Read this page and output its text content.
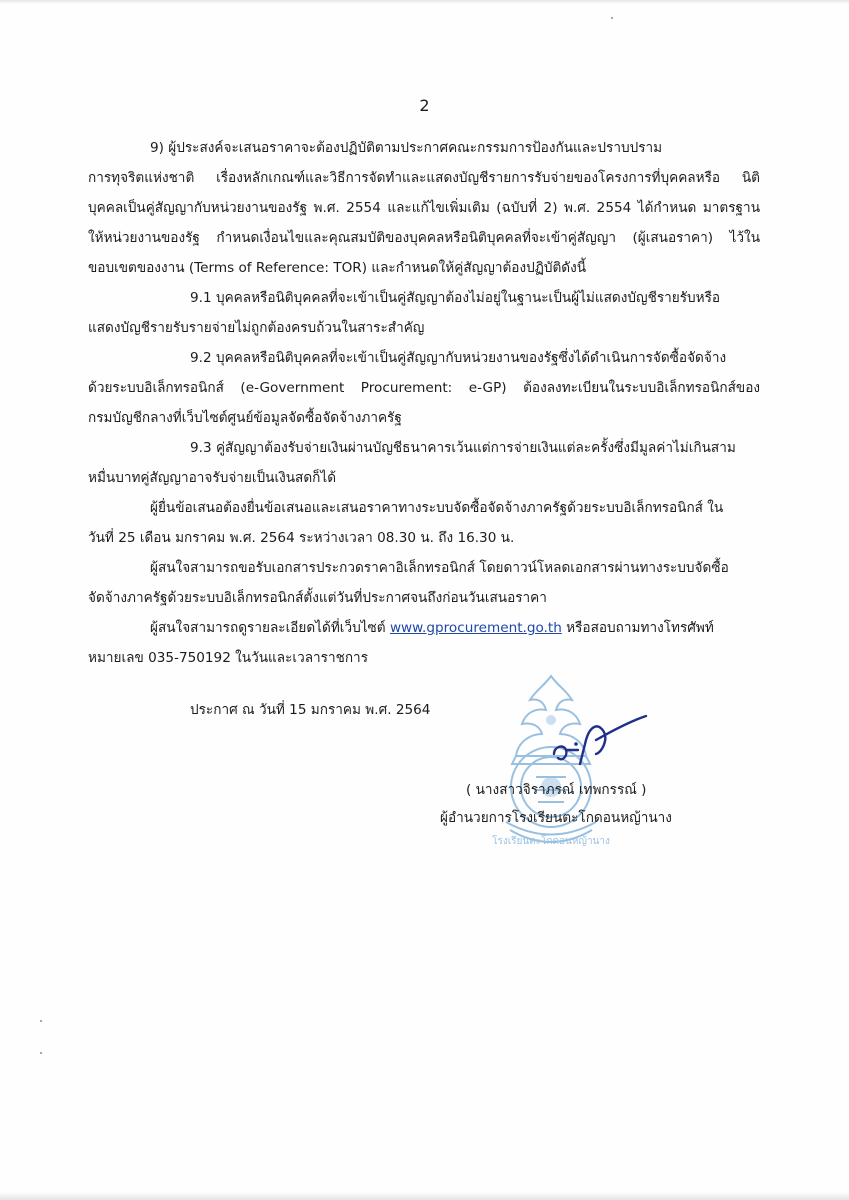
2
9) ผู้ประสงค์จะเสนอราคาจะต้องปฏิบัติตามประกาศคณะกรรมการป้องกันและปราบปราม
การทุจริตแห่งชาติ เรื่องหลักเกณฑ์และวิธีการจัดทำและแสดงบัญชีรายการรับจ่ายของโครงการที่บุคคลหรือ นิติ
บุคคลเป็นคู่สัญญากับหน่วยงานของรัฐ พ.ศ. 2554 และแก้ไขเพิ่มเติม (ฉบับที่ 2) พ.ศ. 2554 ได้กำหนด มาตรฐาน
ให้หน่วยงานของรัฐ กำหนดเงื่อนไขและคุณสมบัติของบุคคลหรือนิติบุคคลที่จะเข้าคู่สัญญา (ผู้เสนอราคา) ไว้ใน
ขอบเขตของงาน (Terms of Reference: TOR) และกำหนดให้คู่สัญญาต้องปฏิบัติดังนี้
9.1 บุคคลหรือนิติบุคคลที่จะเข้าเป็นคู่สัญญาต้องไม่อยู่ในฐานะเป็นผู้ไม่แสดงบัญชีรายรับหรือ
แสดงบัญชีรายรับรายจ่ายไม่ถูกต้องครบถ้วนในสาระสำคัญ
9.2 บุคคลหรือนิติบุคคลที่จะเข้าเป็นคู่สัญญากับหน่วยงานของรัฐซึ่งได้ดำเนินการจัดซื้อจัดจ้าง
ด้วยระบบอิเล็กทรอนิกส์ (e-Government Procurement: e-GP) ต้องลงทะเบียนในระบบอิเล็กทรอนิกส์ของ
กรมบัญชีกลางที่เว็บไซต์ศูนย์ข้อมูลจัดซื้อจัดจ้างภาครัฐ
9.3 คู่สัญญาต้องรับจ่ายเงินผ่านบัญชีธนาคารเว้นแต่การจ่ายเงินแต่ละครั้งซึ่งมีมูลค่าไม่เกินสาม
หมื่นบาทคู่สัญญาอาจรับจ่ายเป็นเงินสดก็ได้
ผู้ยื่นข้อเสนอต้องยื่นข้อเสนอและเสนอราคาทางระบบจัดซื้อจัดจ้างภาครัฐด้วยระบบอิเล็กทรอนิกส์ ใน
วันที่ 25 เดือน มกราคม พ.ศ. 2564 ระหว่างเวลา 08.30 น. ถึง 16.30 น.
ผู้สนใจสามารถขอรับเอกสารประกวดราคาอิเล็กทรอนิกส์ โดยดาวน์โหลดเอกสารผ่านทางระบบจัดซื้อ
จัดจ้างภาครัฐด้วยระบบอิเล็กทรอนิกส์ตั้งแต่วันที่ประกาศจนถึงก่อนวันเสนอราคา
ผู้สนใจสามารถดูรายละเอียดได้ที่เว็บไซต์ www.gprocurement.go.th หรือสอบถามทางโทรศัพท์
หมายเลข 035-750192 ในวันและเวลาราชการ
ประกาศ ณ วันที่ 15 มกราคม พ.ศ. 2564
โรงเรียนตะโกดอนหญ้านาง
( นางสาวจิราภรณ์ เทพกรรณ์ )
ผู้อำนวยการโรงเรียนตะโกดอนหญ้านาง
